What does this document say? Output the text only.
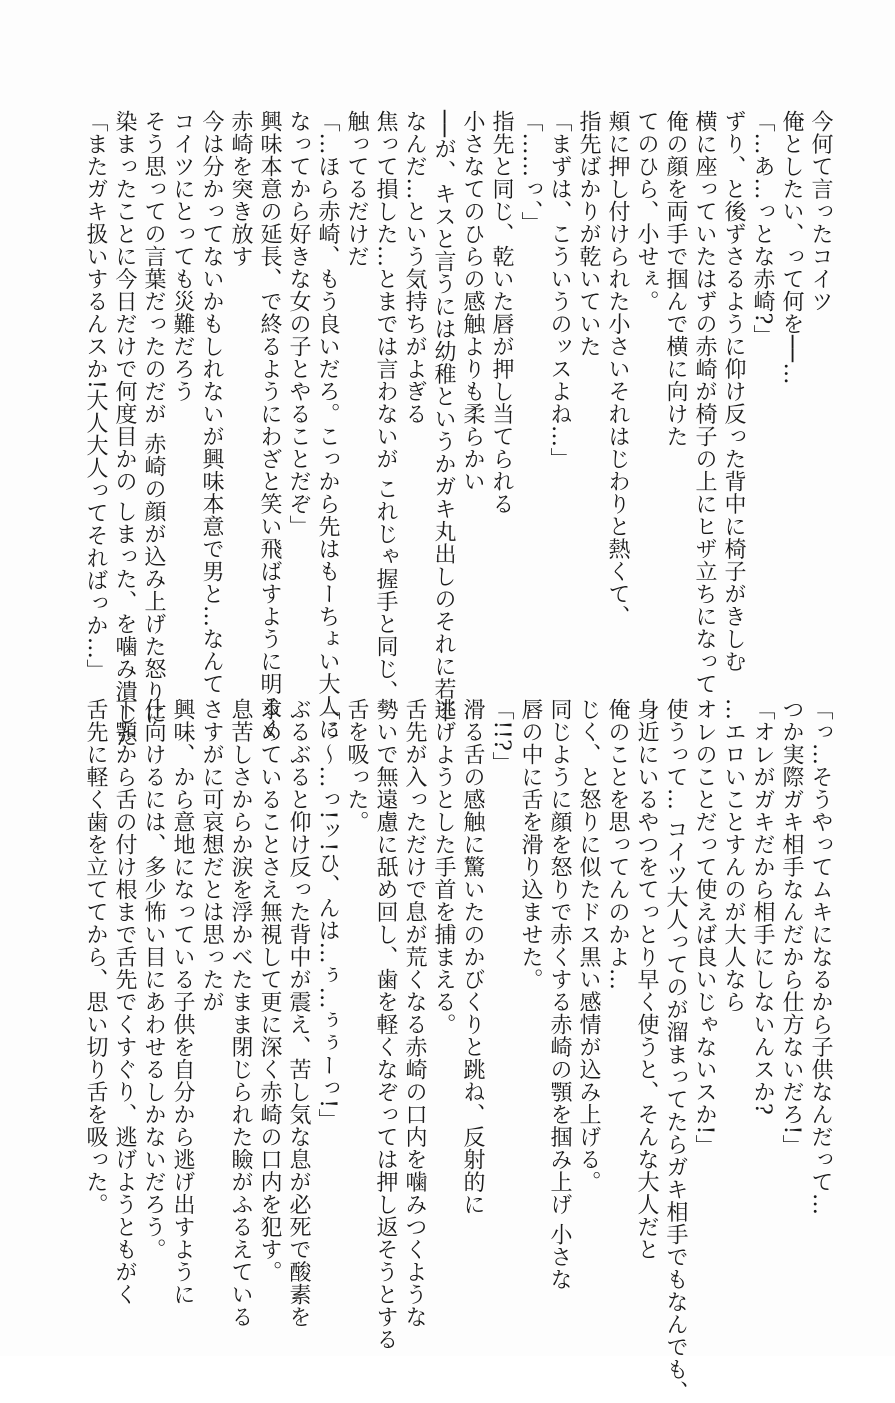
今何て言ったコイツ
俺としたい、って何を──…
「…あ…っとな赤崎?」
ずり、と後ずさるように仰け反った背中に椅子がきしむ
横に座っていたはずの赤崎が椅子の上にヒザ立ちになって
俺の顔を両手で掴んで横に向けた
てのひら、小せぇ。
頬に押し付けられた小さいそれはじわりと熱くて、
指先ばかりが乾いていた
「まずは、こういうのッスよね…」
「……っ、」
指先と同じ、乾いた唇が押し当てられる
小さなてのひらの感触よりも柔らかい
──が、キスと言うには幼稚というかガキ丸出しのそれに若干
なんだ…という気持ちがよぎる
焦って損した…とまでは言わないが これじゃ握手と同じ、
触ってるだけだ
「…ほら赤崎、もう良いだろ。こっから先はもーちょい大人に
なってから好きな女の子とやることだぞ」
興味本意の延長、で終るようにわざと笑い飛ばすように明るく
赤崎を突き放す
今は分かってないかもしれないが興味本意で男と…なんて
コイツにとっても災難だろう
そう思っての言葉だったのだが 赤崎の顔が込み上げた怒りに
染まったことに今日だけで何度目かの しまった、を噛み潰した
「またガキ扱いするんスか!大人大人ってそればっか…」
「っ…そうやってムキになるから子供なんだって…
つか実際ガキ相手なんだから仕方ないだろ!」
「オレがガキだから相手にしないんスか?
…エロいことすんのが大人なら
オレのことだって使えば良いじゃないスか!」
使うって… コイツ大人ってのが溜まってたらガキ相手でもなんでも、
身近にいるやつをてっとり早く使うと、そんな大人だと
俺のことを思ってんのかよ…
じく、と怒りに似たドス黒い感情が込み上げる。
同じように顔を怒りで赤くする赤崎の顎を掴み上げ 小さな
唇の中に舌を滑り込ませた。
「!!?」
滑る舌の感触に驚いたのかびくりと跳ね、反射的に
逃げようとした手首を捕まえる。
舌先が入っただけで息が荒くなる赤崎の口内を噛みつくような
勢いで無遠慮に舐め回し、歯を軽くなぞっては押し返そうとする
舌を吸った。
「ぅ〜…っ!ッ!ひ、んは…ぅ…ぅぅーっ!」
ぶるぶると仰け反った背中が震え、苦し気な息が必死で酸素を
求めていることさえ無視して更に深く赤崎の口内を犯す。
息苦しさからか涙を浮かべたまま閉じられた瞼がふるえている
さすがに可哀想だとは思ったが
興味、から意地になっている子供を自分から逃げ出すように
仕向けるには、多少怖い目にあわせるしかないだろう。
下顎から舌の付け根まで舌先でくすぐり、逃げようともがく
舌先に軽く歯を立ててから、思い切り舌を吸った。
